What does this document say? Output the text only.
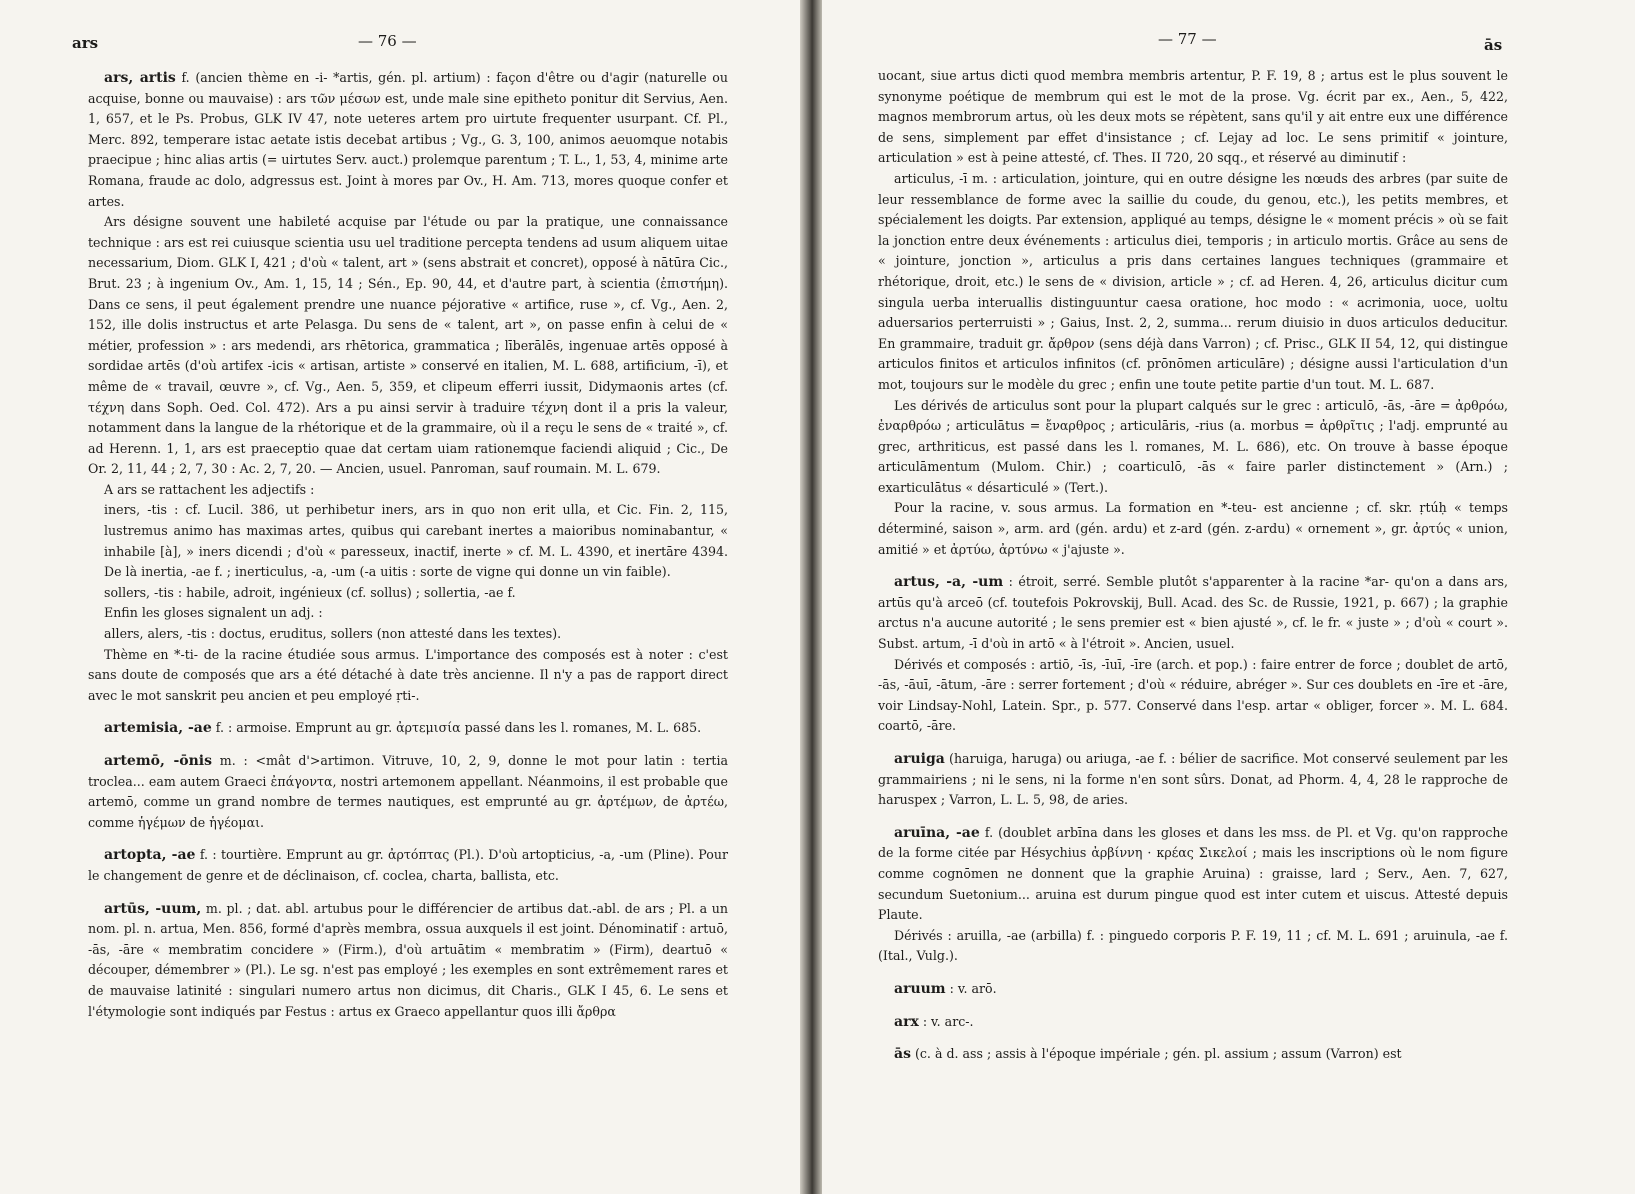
ars	— 76 —

ars, artis f. (ancien thème en -i- *artis, gén. pl. artium) : façon d'être ou d'agir (naturelle ou acquise, bonne ou mauvaise) : ars τῶν μέσων est, unde male sine epitheto ponitur dit Servius, Aen. 1, 657, et le Ps. Probus, GLK IV 47, note ueteres artem pro uirtute frequenter usurpant. Cf. Pl., Merc. 892, temperare istac aetate istis decebat artibus ; Vg., G. 3, 100, animos aeuomque notabis praecipue ; hinc alias artis (= uirtutes Serv. auct.) prolemque parentum ; T. L., 1, 53, 4, minime arte Romana, fraude ac dolo, adgressus est. Joint à mores par Ov., H. Am. 713, mores quoque confer et artes.

Ars désigne souvent une habileté acquise par l'étude ou par la pratique, une connaissance technique : ars est rei cuiusque scientia usu uel traditione percepta tendens ad usum aliquem uitae necessarium, Diom. GLK I, 421 ; d'où « talent, art » (sens abstrait et concret), opposé à nātūra Cic., Brut. 23 ; à ingenium Ov., Am. 1, 15, 14 ; Sén., Ep. 90, 44, et d'autre part, à scientia (ἐπιστήμη). Dans ce sens, il peut également prendre une nuance péjorative « artifice, ruse », cf. Vg., Aen. 2, 152, ille dolis instructus et arte Pelasga. Du sens de « talent, art », on passe enfin à celui de « métier, profession » : ars medendi, ars rhētorica, grammatica ; līberālēs, ingenuae artēs opposé à sordidae artēs (d'où artifex -icis « artisan, artiste » conservé en italien, M. L. 688, artificium, -ī), et même de « travail, œuvre », cf. Vg., Aen. 5, 359, et clipeum efferri iussit, Didymaonis artes (cf. τέχνη dans Soph. Oed. Col. 472). Ars a pu ainsi servir à traduire τέχνη dont il a pris la valeur, notamment dans la langue de la rhétorique et de la grammaire, où il a reçu le sens de « traité », cf. ad Herenn. 1, 1, ars est praeceptio quae dat certam uiam rationemque faciendi aliquid ; Cic., De Or. 2, 11, 44 ; 2, 7, 30 : Ac. 2, 7, 20. — Ancien, usuel. Panroman, sauf roumain. M. L. 679.

A ars se rattachent les adjectifs :

iners, -tis : cf. Lucil. 386, ut perhibetur iners, ars in quo non erit ulla, et Cic. Fin. 2, 115, lustremus animo has maximas artes, quibus qui carebant inertes a maioribus nominabantur, « inhabile [à], » iners dicendi ; d'où « paresseux, inactif, inerte » cf. M. L. 4390, et inertāre 4394. De là inertia, -ae f. ; inerticulus, -a, -um (-a uitis : sorte de vigne qui donne un vin faible).

sollers, -tis : habile, adroit, ingénieux (cf. sollus) ; sollertia, -ae f.

Enfin les gloses signalent un adj. :

allers, alers, -tis : doctus, eruditus, sollers (non attesté dans les textes).

Thème en *-ti- de la racine étudiée sous armus. L'importance des composés est à noter : c'est sans doute de composés que ars a été détaché à date très ancienne. Il n'y a pas de rapport direct avec le mot sanskrit peu ancien et peu employé ṛti-.

artemisia, -ae f. : armoise. Emprunt au gr. ἀρτεμισία passé dans les l. romanes, M. L. 685.

artemō, -ōnis m. : <mât d'>artimon. Vitruve, 10, 2, 9, donne le mot pour latin : tertia troclea... eam autem Graeci ἐπάγοντα, nostri artemonem appellant. Néanmoins, il est probable que artemō, comme un grand nombre de termes nautiques, est emprunté au gr. ἀρτέμων, de ἀρτέω, comme ἡγέμων de ἡγέομαι.

artopta, -ae f. : tourtière. Emprunt au gr. ἀρτόπτας (Pl.). D'où artopticius, -a, -um (Pline). Pour le changement de genre et de déclinaison, cf. coclea, charta, ballista, etc.

artūs, -uum, m. pl. ; dat. abl. artubus pour le différencier de artibus dat.-abl. de ars ; Pl. a un nom. pl. n. artua, Men. 856, formé d'après membra, ossua auxquels il est joint. Dénominatif : artuō, -ās, -āre « membratim concidere » (Firm.), d'où artuātim « membratim » (Firm), deartuō « découper, démembrer » (Pl.). Le sg. n'est pas employé ; les exemples en sont extrêmement rares et de mauvaise latinité : singulari numero artus non dicimus, dit Charis., GLK I 45, 6. Le sens et l'étymologie sont indiqués par Festus : artus ex Graeco appellantur quos illi ἄρθρα

— 77 —	ās

uocant, siue artus dicti quod membra membris artentur, P. F. 19, 8 ; artus est le plus souvent le synonyme poétique de membrum qui est le mot de la prose. Vg. écrit par ex., Aen., 5, 422, magnos membrorum artus, où les deux mots se répètent, sans qu'il y ait entre eux une différence de sens, simplement par effet d'insistance ; cf. Lejay ad loc. Le sens primitif « jointure, articulation » est à peine attesté, cf. Thes. II 720, 20 sqq., et réservé au diminutif :

articulus, -ī m. : articulation, jointure, qui en outre désigne les nœuds des arbres (par suite de leur ressemblance de forme avec la saillie du coude, du genou, etc.), les petits membres, et spécialement les doigts. Par extension, appliqué au temps, désigne le « moment précis » où se fait la jonction entre deux événements : articulus diei, temporis ; in articulo mortis. Grâce au sens de « jointure, jonction », articulus a pris dans certaines langues techniques (grammaire et rhétorique, droit, etc.) le sens de « division, article » ; cf. ad Heren. 4, 26, articulus dicitur cum singula uerba interuallis distinguuntur caesa oratione, hoc modo : « acrimonia, uoce, uoltu aduersarios perterruisti » ; Gaius, Inst. 2, 2, summa... rerum diuisio in duos articulos deducitur. En grammaire, traduit gr. ἄρθρον (sens déjà dans Varron) ; cf. Prisc., GLK II 54, 12, qui distingue articulos finitos et articulos infinitos (cf. prōnōmen articulāre) ; désigne aussi l'articulation d'un mot, toujours sur le modèle du grec ; enfin une toute petite partie d'un tout. M. L. 687.

Les dérivés de articulus sont pour la plupart calqués sur le grec : articulō, -ās, -āre = ἀρθρόω, ἐναρθρόω ; articulātus = ἔναρθρος ; articulāris, -rius (a. morbus = ἀρθρῖτις ; l'adj. emprunté au grec, arthriticus, est passé dans les l. romanes, M. L. 686), etc. On trouve à basse époque articulāmentum (Mulom. Chir.) ; coarticulō, -ās « faire parler distinctement » (Arn.) ; exarticulātus « désarticulé » (Tert.).

Pour la racine, v. sous armus. La formation en *-teu- est ancienne ; cf. skr. ṛtúḥ « temps déterminé, saison », arm. ard (gén. ardu) et z-ard (gén. z-ardu) « ornement », gr. ἀρτύς « union, amitié » et ἀρτύω, ἀρτύνω « j'ajuste ».

artus, -a, -um : étroit, serré. Semble plutôt s'apparenter à la racine *ar- qu'on a dans ars, artūs qu'à arceō (cf. toutefois Pokrovskij, Bull. Acad. des Sc. de Russie, 1921, p. 667) ; la graphie arctus n'a aucune autorité ; le sens premier est « bien ajusté », cf. le fr. « juste » ; d'où « court ». Subst. artum, -ī d'où in artō « à l'étroit ». Ancien, usuel.

Dérivés et composés : artiō, -īs, -īuī, -īre (arch. et pop.) : faire entrer de force ; doublet de artō, -ās, -āuī, -ātum, -āre : serrer fortement ; d'où « réduire, abréger ». Sur ces doublets en -īre et -āre, voir Lindsay-Nohl, Latein. Spr., p. 577. Conservé dans l'esp. artar « obliger, forcer ». M. L. 684. coartō, -āre.

aruiga (haruiga, haruga) ou ariuga, -ae f. : bélier de sacrifice. Mot conservé seulement par les grammairiens ; ni le sens, ni la forme n'en sont sûrs. Donat, ad Phorm. 4, 4, 28 le rapproche de haruspex ; Varron, L. L. 5, 98, de aries.

aruīna, -ae f. (doublet arbīna dans les gloses et dans les mss. de Pl. et Vg. qu'on rapproche de la forme citée par Hésychius ἀρβίννη · κρέας Σικελοί ; mais les inscriptions où le nom figure comme cognōmen ne donnent que la graphie Aruina) : graisse, lard ; Serv., Aen. 7, 627, secundum Suetonium... aruina est durum pingue quod est inter cutem et uiscus. Attesté depuis Plaute.

Dérivés : aruilla, -ae (arbilla) f. : pinguedo corporis P. F. 19, 11 ; cf. M. L. 691 ; aruinula, -ae f. (Ital., Vulg.).

aruum : v. arō.

arx : v. arc-.

ās (c. à d. ass ; assis à l'époque impériale ; gén. pl. assium ; assum (Varron) est
